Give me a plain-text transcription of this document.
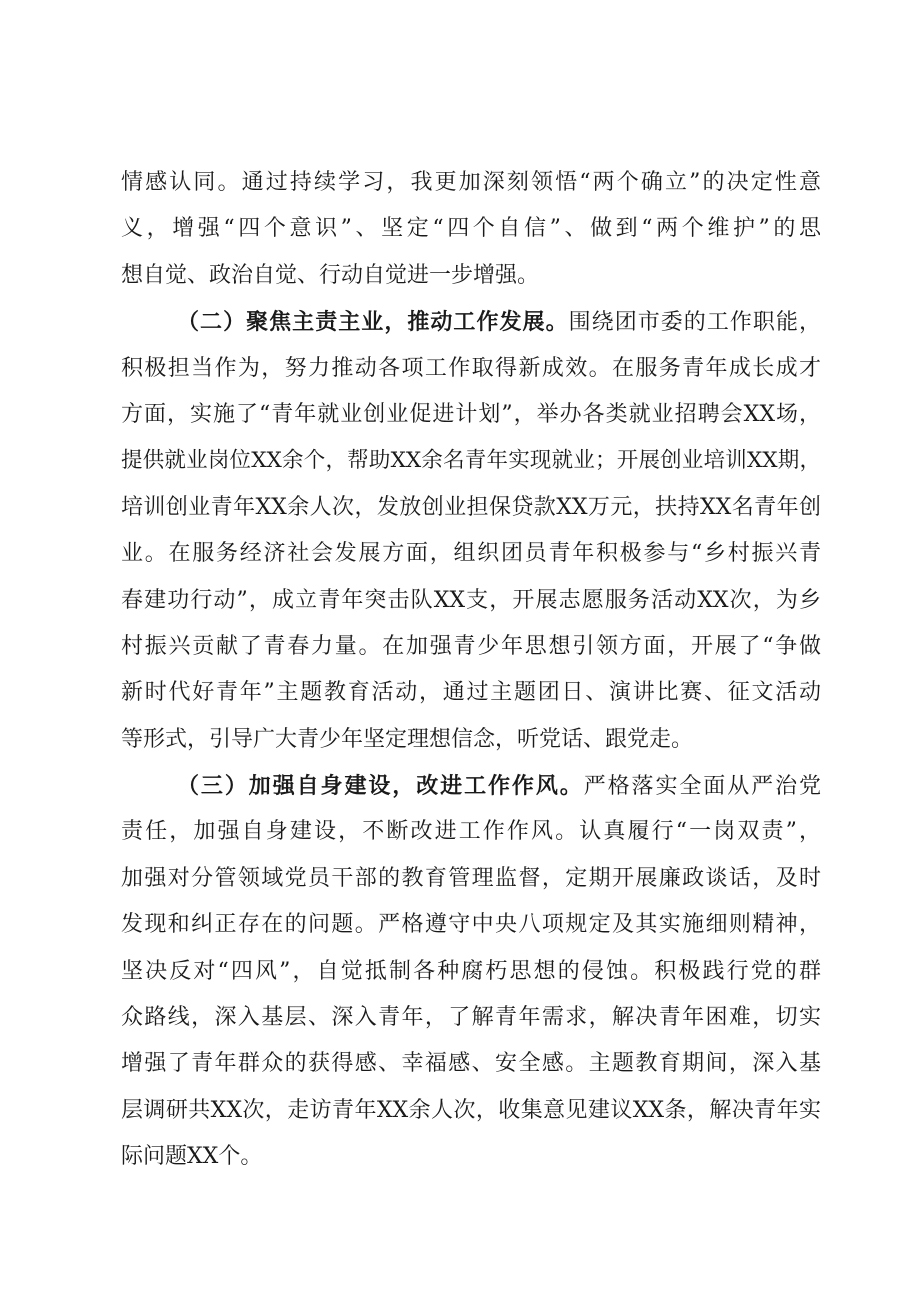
情感认同。通过持续学习，我更加深刻领悟“两个确立”的决定性意
义，增强“四个意识”、坚定“四个自信”、做到“两个维护”的思
想自觉、政治自觉、行动自觉进一步增强。
（二）聚焦主责主业，推动工作发展。围绕团市委的工作职能，
积极担当作为，努力推动各项工作取得新成效。在服务青年成长成才
方面，实施了“青年就业创业促进计划”，举办各类就业招聘会XX场，
提供就业岗位XX余个，帮助XX余名青年实现就业；开展创业培训XX期，
培训创业青年XX余人次，发放创业担保贷款XX万元，扶持XX名青年创
业。在服务经济社会发展方面，组织团员青年积极参与“乡村振兴青
春建功行动”，成立青年突击队XX支，开展志愿服务活动XX次，为乡
村振兴贡献了青春力量。在加强青少年思想引领方面，开展了“争做
新时代好青年”主题教育活动，通过主题团日、演讲比赛、征文活动
等形式，引导广大青少年坚定理想信念，听党话、跟党走。
（三）加强自身建设，改进工作作风。严格落实全面从严治党
责任，加强自身建设，不断改进工作作风。认真履行“一岗双责”，
加强对分管领域党员干部的教育管理监督，定期开展廉政谈话，及时
发现和纠正存在的问题。严格遵守中央八项规定及其实施细则精神，
坚决反对“四风”，自觉抵制各种腐朽思想的侵蚀。积极践行党的群
众路线，深入基层、深入青年，了解青年需求，解决青年困难，切实
增强了青年群众的获得感、幸福感、安全感。主题教育期间，深入基
层调研共XX次，走访青年XX余人次，收集意见建议XX条，解决青年实
际问题XX个。
